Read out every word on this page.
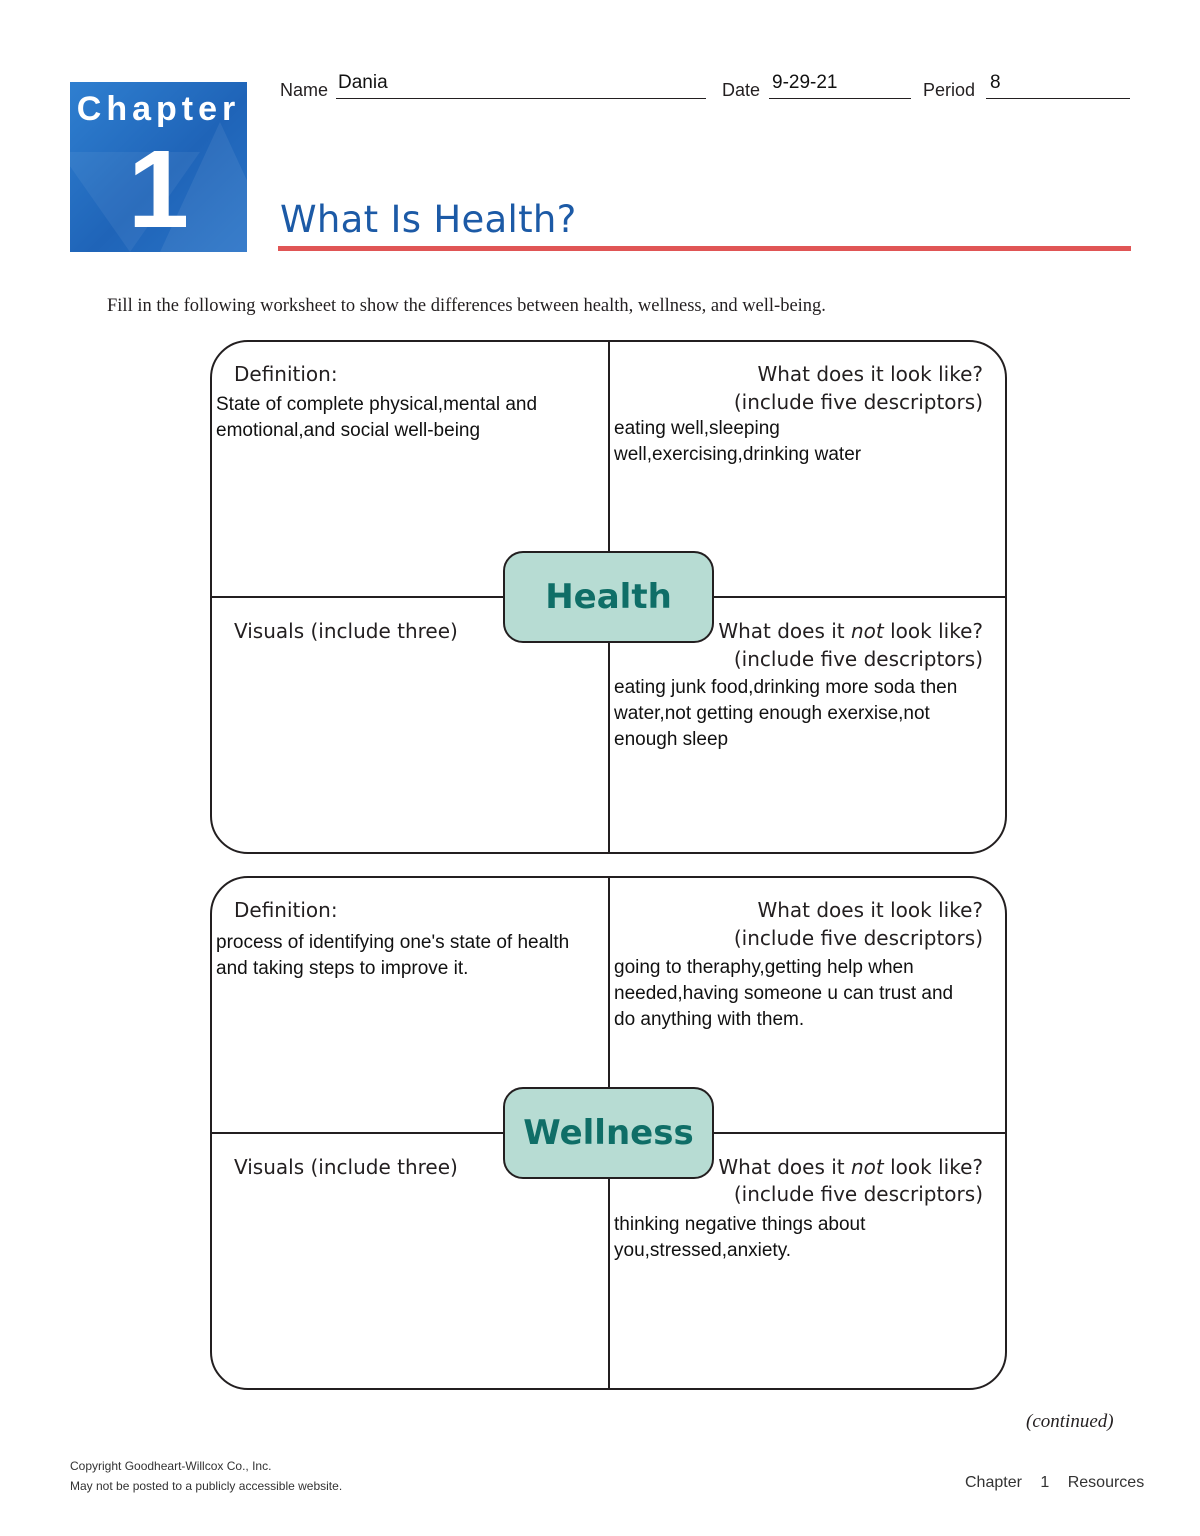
Chapter
1
Name Dania	Date 9-29-21	Period 8
What Is Health?
Fill in the following worksheet to show the differences between health, wellness, and well-being.
Definition:
State of complete physical,mental and
emotional,and social well-being
What does it look like?
(include five descriptors)
eating well,sleeping
well,exercising,drinking water
Visuals (include three)	What does it not look like?
(include five descriptors)
eating junk food,drinking more soda then
water,not getting enough exerxise,not
enough sleep
Health
Definition:
process of identifying one's state of health
and taking steps to improve it.
What does it look like?
(include five descriptors)
going to theraphy,getting help when
needed,having someone u can trust and
do anything with them.
Visuals (include three)	What does it not look like?
(include five descriptors)
thinking negative things about
you,stressed,anxiety.
Wellness
(continued)
Copyright Goodheart-Willcox Co., Inc.
May not be posted to a publicly accessible website.	Chapter 1 Resources
